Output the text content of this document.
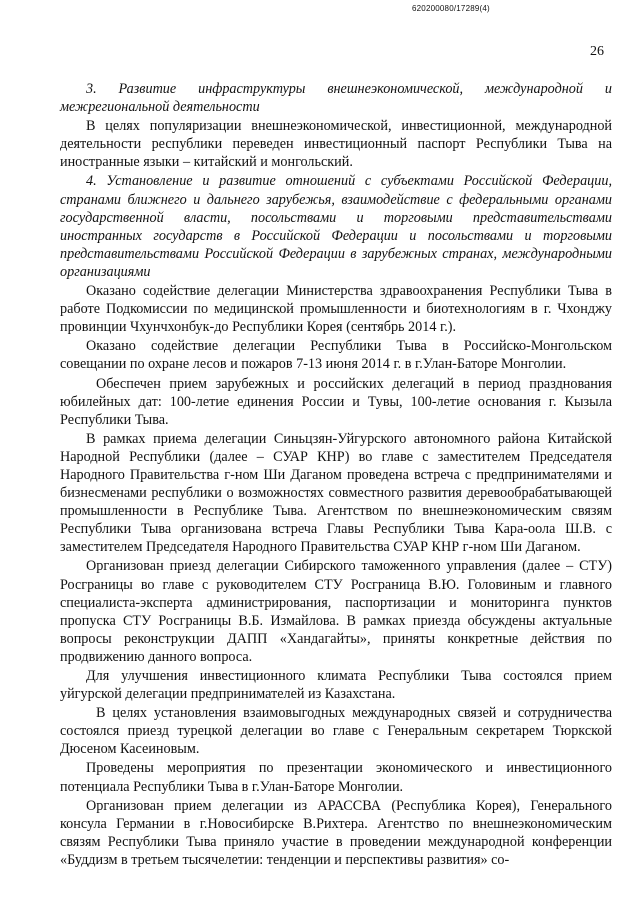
620200080/17289(4)
26

3. Развитие инфраструктуры внешнеэкономической, международной и межрегиональной деятельности

В целях популяризации внешнеэкономической, инвестиционной, международной деятельности республики переведен инвестиционный паспорт Республики Тыва на иностранные языки – китайский и монгольский.

4. Установление и развитие отношений с субъектами Российской Федерации, странами ближнего и дальнего зарубежья, взаимодействие с федеральными органами государственной власти, посольствами и торговыми представительствами иностранных государств в Российской Федерации и посольствами и торговыми представительствами Российской Федерации в зарубежных странах, международными организациями

Оказано содействие делегации Министерства здравоохранения Республики Тыва в работе Подкомиссии по медицинской промышленности и биотехнологиям в г. Чхонджу провинции Чхунчхонбук-до Республики Корея (сентябрь 2014 г.).

Оказано содействие делегации Республики Тыва в Российско-Монгольском совещании по охране лесов и пожаров 7-13 июня 2014 г. в г.Улан-Баторе Монголии.

Обеспечен прием зарубежных и российских делегаций в период празднования юбилейных дат: 100-летие единения России и Тувы, 100-летие основания г. Кызыла Республики Тыва.

В рамках приема делегации Синьцзян-Уйгурского автономного района Китайской Народной Республики (далее – СУАР КНР) во главе с заместителем Председателя Народного Правительства г-ном Ши Даганом проведена встреча с предпринимателями и бизнесменами республики о возможностях совместного развития деревообрабатывающей промышленности в Республике Тыва. Агентством по внешнеэкономическим связям Республики Тыва организована встреча Главы Республики Тыва Кара-оола Ш.В. с заместителем Председателя Народного Правительства СУАР КНР г-ном Ши Даганом.

Организован приезд делегации Сибирского таможенного управления (далее – СТУ) Росграницы во главе с руководителем СТУ Росграница В.Ю. Головиным и главного специалиста-эксперта администрирования, паспортизации и мониторинга пунктов пропуска СТУ Росграницы В.Б. Измайлова. В рамках приезда обсуждены актуальные вопросы реконструкции ДАПП «Хандагайты», приняты конкретные действия по продвижению данного вопроса.

Для улучшения инвестиционного климата Республики Тыва состоялся прием уйгурской делегации предпринимателей из Казахстана.

В целях установления взаимовыгодных международных связей и сотрудничества состоялся приезд турецкой делегации во главе с Генеральным секретарем Тюркской Дюсеном Касеиновым.

Проведены мероприятия по презентации экономического и инвестиционного потенциала Республики Тыва в г.Улан-Баторе Монголии.

Организован прием делегации из АРАССВА (Республика Корея), Генерального консула Германии в г.Новосибирске В.Рихтера. Агентство по внешнеэкономическим связям Республики Тыва приняло участие в проведении международной конференции «Буддизм в третьем тысячелетии: тенденции и перспективы развития» со-
